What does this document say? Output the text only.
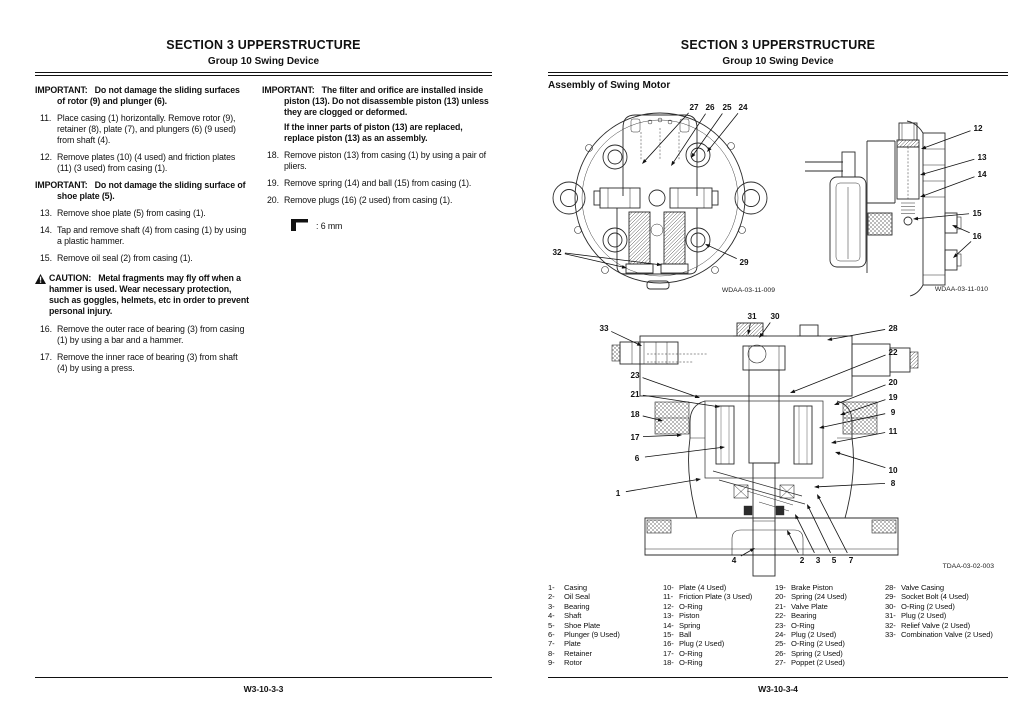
SECTION 3 UPPERSTRUCTURE
Group 10 Swing Device

IMPORTANT: Do not damage the sliding surfaces of rotor (9) and plunger (6).

11. Place casing (1) horizontally. Remove rotor (9), retainer (8), plate (7), and plungers (6) (9 used) from shaft (4).
12. Remove plates (10) (4 used) and friction plates (11) (3 used) from casing (1).

IMPORTANT: Do not damage the sliding surface of shoe plate (5).

13. Remove shoe plate (5) from casing (1).
14. Tap and remove shaft (4) from casing (1) by using a plastic hammer.
15. Remove oil seal (2) from casing (1).

CAUTION: Metal fragments may fly off when a hammer is used. Wear necessary protection, such as goggles, helmets, etc in order to prevent personal injury.

16. Remove the outer race of bearing (3) from casing (1) by using a bar and a hammer.
17. Remove the inner race of bearing (3) from shaft (4) by using a press.

IMPORTANT: The filter and orifice are installed inside piston (13). Do not disassemble piston (13) unless they are clogged or deformed.

If the inner parts of piston (13) are replaced, replace piston (13) as an assembly.

18. Remove piston (13) from casing (1) by using a pair of pliers.
19. Remove spring (14) and ball (15) from casing (1).
20. Remove plugs (16) (2 used) from casing (1).
: 6 mm
W3-10-3-3
SECTION 3 UPPERSTRUCTURE
Group 10 Swing Device
Assembly of Swing Motor
27 26 25 24
32
29
WDAA-03-11-009
12
13
14
15
16
WDAA-03-11-010
33
31 30
28
22
23
21
20
19
18	9
17
11
6
10
8
1
4	2 3 5 7
TDAA-03-02-003
1-	Casing
2-	Oil Seal
3-	Bearing
4-	Shaft
5-	Shoe Plate
6-	Plunger (9 Used)
7-	Plate
8-	Retainer
9-	Rotor
10- Plate (4 Used)
11- Friction Plate (3 Used)
12- O-Ring
13- Piston
14- Spring
15- Ball
16- Plug (2 Used)
17- O-Ring
18- O-Ring
19- Brake Piston
20- Spring (24 Used)
21- Valve Plate
22- Bearing
23- O-Ring
24- Plug (2 Used)
25- O-Ring (2 Used)
26- Spring (2 Used)
27- Poppet (2 Used)
28- Valve Casing
29- Socket Bolt (4 Used)
30- O-Ring (2 Used)
31- Plug (2 Used)
32- Relief Valve (2 Used)
33- Combination Valve (2 Used)
W3-10-3-4
